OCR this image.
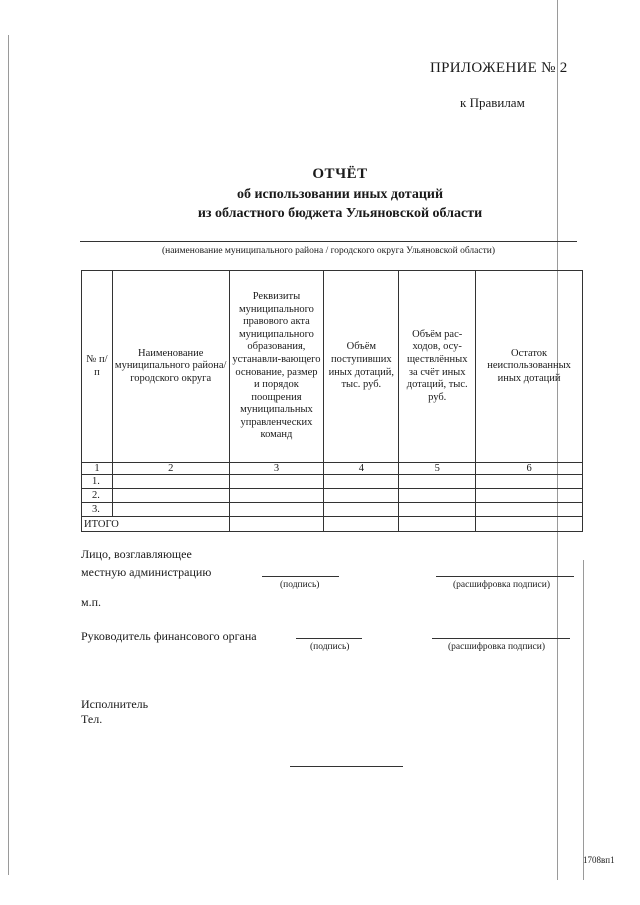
ПРИЛОЖЕНИЕ № 2
к Правилам
ОТЧЁТ
об использовании иных дотаций
из областного бюджета Ульяновской области
(наименование муниципального района / городского округа Ульяновской области)
№ п/п	Наименование муниципального района/городского округа	Реквизиты муниципального правового акта муниципального образования, устанавли-вающего основание, размер и порядок поощрения муниципальных управленческих команд	Объём поступивших иных дотаций, тыс. руб.	Объём рас-ходов, осу-ществлённых за счёт иных дотаций, тыс. руб.	Остаток неиспользованных иных дотаций
1	2	3	4	5	6
1.					
2.					
3.					
ИТОГО					
Лицо, возглавляющее
местную администрацию
(подпись)	(расшифровка подписи)
м.п.
Руководитель финансового органа
(подпись)	(расшифровка подписи)
Исполнитель
Тел.
1708вп1
